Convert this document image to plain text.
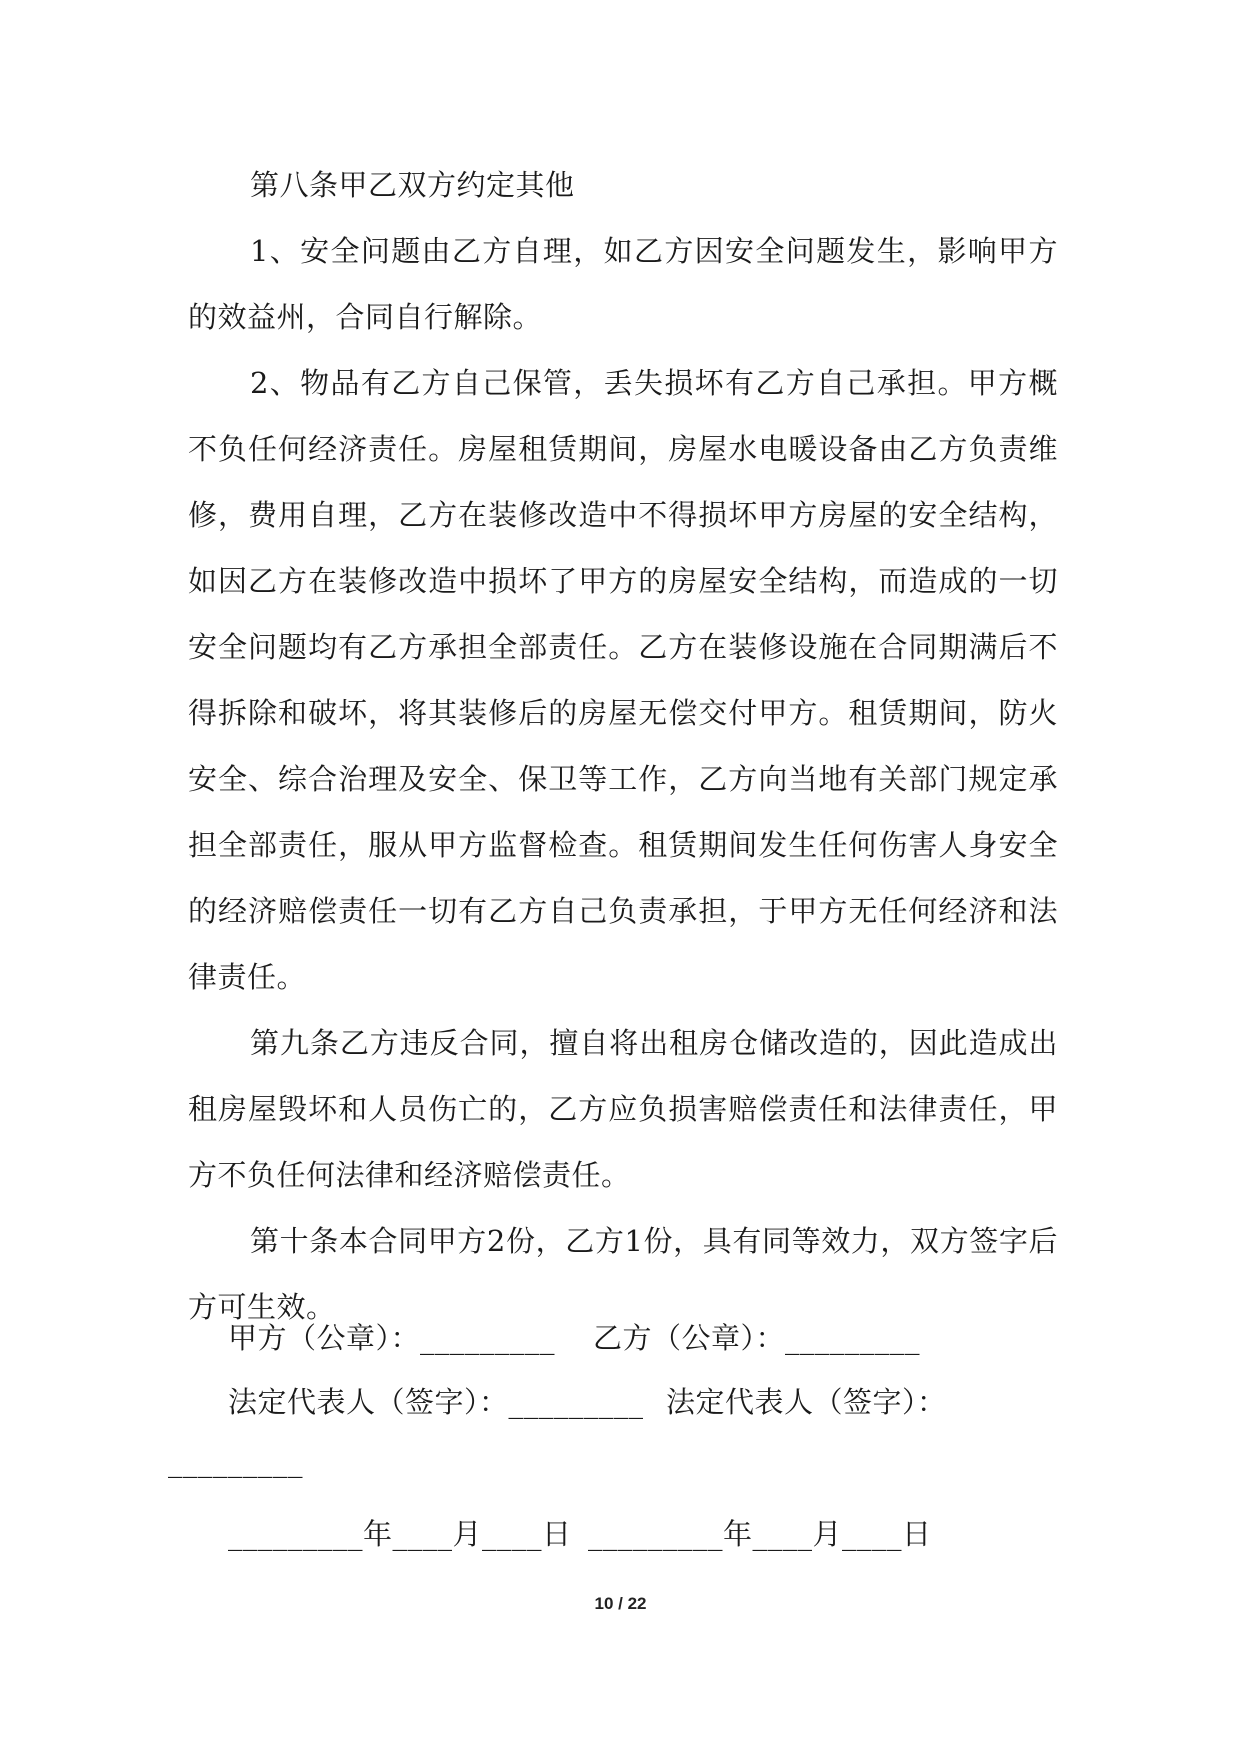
第八条甲乙双方约定其他

1、安全问题由乙方自理，如乙方因安全问题发生，影响甲方的效益州，合同自行解除。

2、物品有乙方自己保管，丢失损坏有乙方自己承担。甲方概不负任何经济责任。房屋租赁期间，房屋水电暖设备由乙方负责维修，费用自理，乙方在装修改造中不得损坏甲方房屋的安全结构，如因乙方在装修改造中损坏了甲方的房屋安全结构，而造成的一切安全问题均有乙方承担全部责任。乙方在装修设施在合同期满后不得拆除和破坏，将其装修后的房屋无偿交付甲方。租赁期间，防火安全、综合治理及安全、保卫等工作，乙方向当地有关部门规定承担全部责任，服从甲方监督检查。租赁期间发生任何伤害人身安全的经济赔偿责任一切有乙方自己负责承担，于甲方无任何经济和法律责任。

第九条乙方违反合同，擅自将出租房仓储改造的，因此造成出租房屋毁坏和人员伤亡的，乙方应负损害赔偿责任和法律责任，甲方不负任何法律和经济赔偿责任。

第十条本合同甲方2份，乙方1份，具有同等效力，双方签字后方可生效。

甲方（公章）：_________ 乙方（公章）：_________
法定代表人（签字）：_________ 法定代表人（签字）：
_________
_________年____月____日 _________年____月____日
10 / 22
